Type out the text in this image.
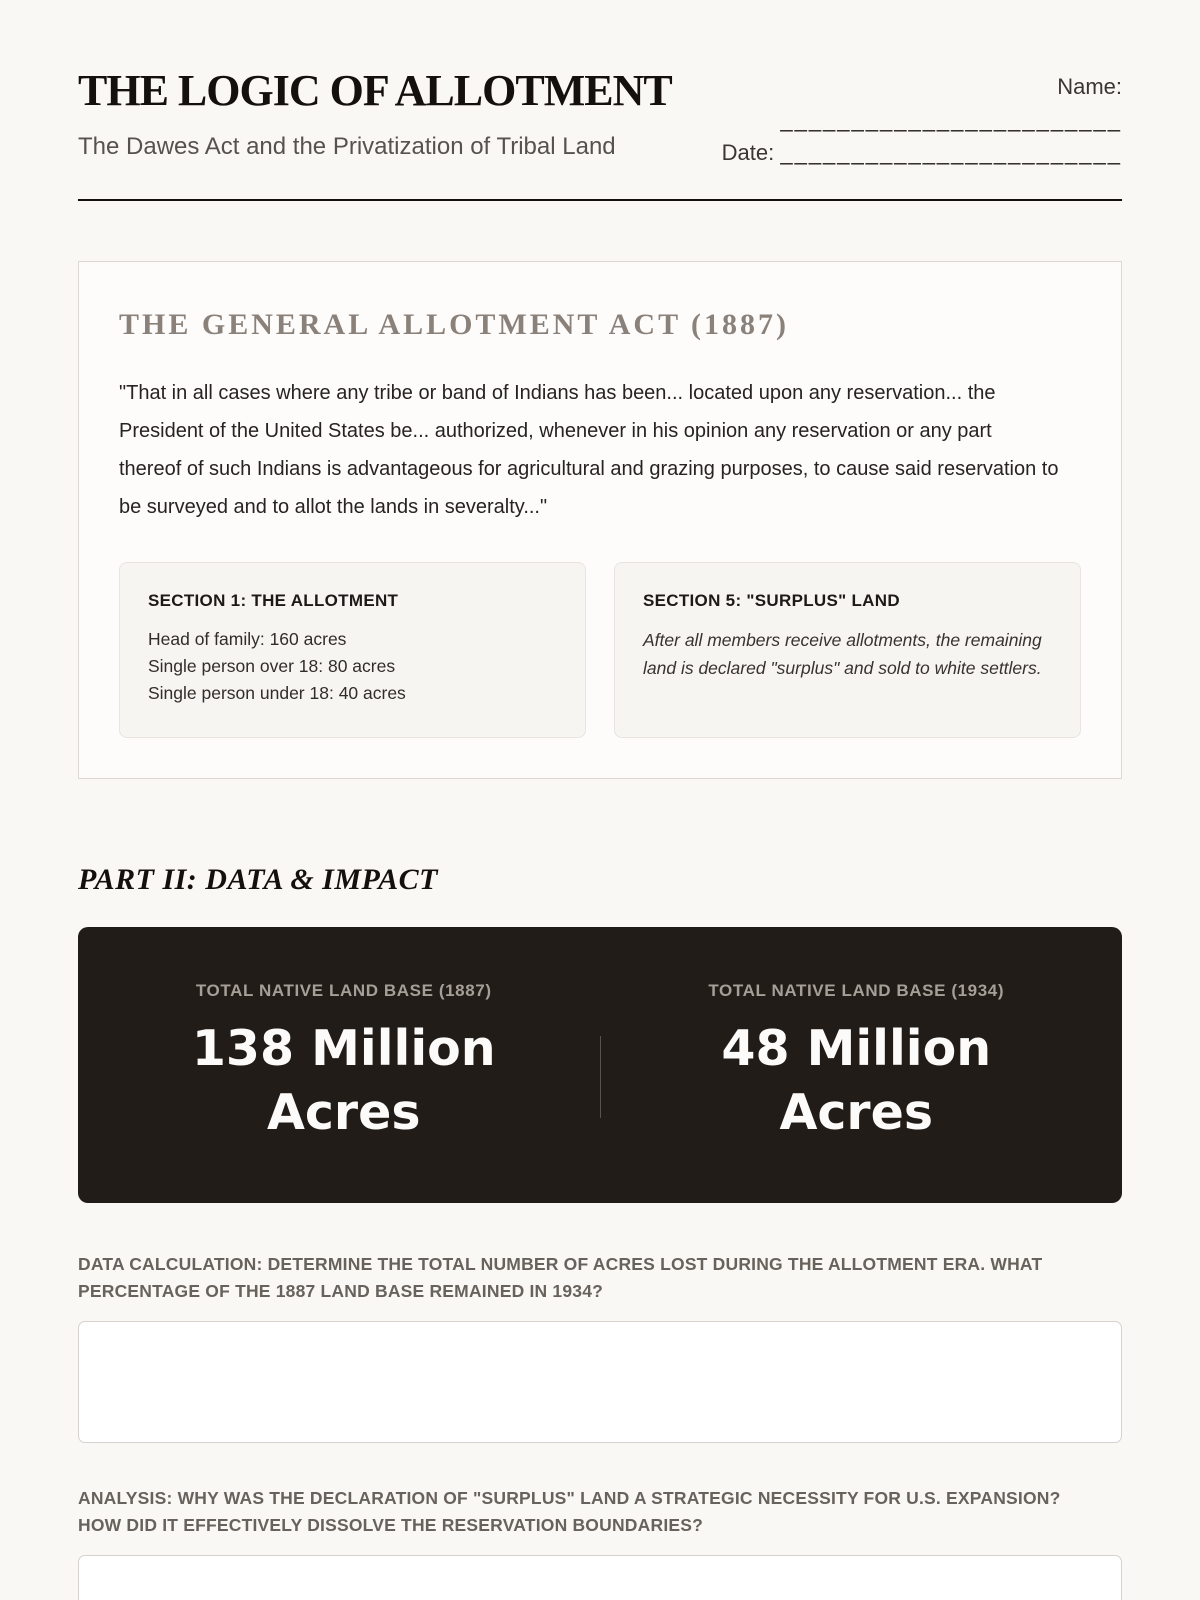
THE LOGIC OF ALLOTMENT
The Dawes Act and the Privatization of Tribal Land
Name:
________________________
Date: ________________________
THE GENERAL ALLOTMENT ACT (1887)

"That in all cases where any tribe or band of Indians has been... located upon any reservation... the President of the United States be... authorized, whenever in his opinion any reservation or any part thereof of such Indians is advantageous for agricultural and grazing purposes, to cause said reservation to be surveyed and to allot the lands in severalty..."

SECTION 1: THE ALLOTMENT
Head of family: 160 acres
Single person over 18: 80 acres
Single person under 18: 40 acres
SECTION 5: "SURPLUS" LAND
After all members receive allotments, the remaining land is declared "surplus" and sold to white settlers.
PART II: DATA & IMPACT
TOTAL NATIVE LAND BASE (1887)
138 Million Acres
TOTAL NATIVE LAND BASE (1934)
48 Million Acres
DATA CALCULATION: DETERMINE THE TOTAL NUMBER OF ACRES LOST DURING THE ALLOTMENT ERA. WHAT PERCENTAGE OF THE 1887 LAND BASE REMAINED IN 1934?
ANALYSIS: WHY WAS THE DECLARATION OF "SURPLUS" LAND A STRATEGIC NECESSITY FOR U.S. EXPANSION? HOW DID IT EFFECTIVELY DISSOLVE THE RESERVATION BOUNDARIES?
